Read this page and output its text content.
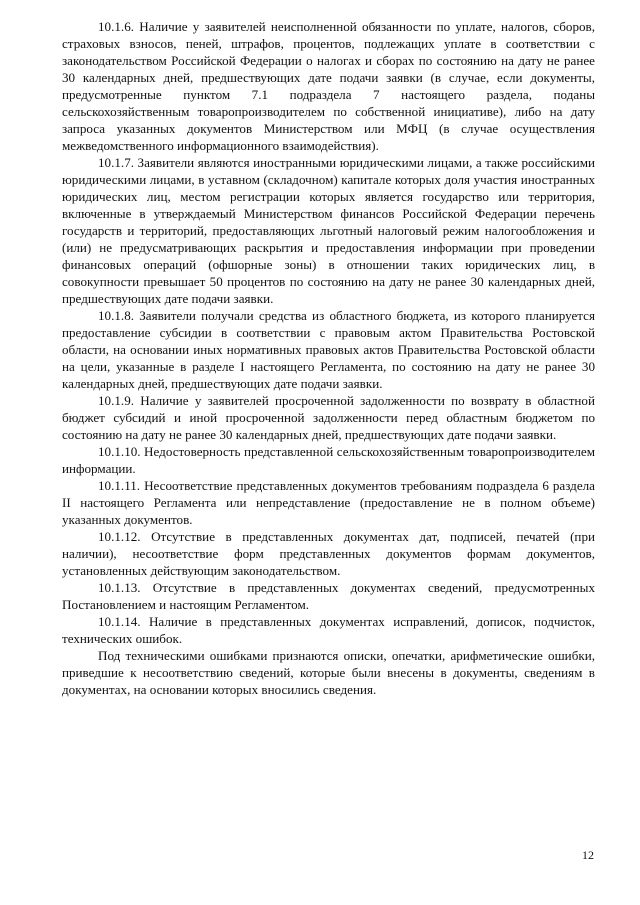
10.1.6. Наличие у заявителей неисполненной обязанности по уплате, налогов, сборов, страховых взносов, пеней, штрафов, процентов, подлежащих уплате в соответствии с законодательством Российской Федерации о налогах и сборах по состоянию на дату не ранее 30 календарных дней, предшествующих дате подачи заявки (в случае, если документы, предусмотренные пунктом 7.1 подраздела 7 настоящего раздела, поданы сельскохозяйственным товаропроизводителем по собственной инициативе), либо на дату запроса указанных документов Министерством или МФЦ (в случае осуществления межведомственного информационного взаимодействия).

10.1.7. Заявители являются иностранными юридическими лицами, а также российскими юридическими лицами, в уставном (складочном) капитале которых доля участия иностранных юридических лиц, местом регистрации которых является государство или территория, включенные в утверждаемый Министерством финансов Российской Федерации перечень государств и территорий, предоставляющих льготный налоговый режим налогообложения и (или) не предусматривающих раскрытия и предоставления информации при проведении финансовых операций (офшорные зоны) в отношении таких юридических лиц, в совокупности превышает 50 процентов по состоянию на дату не ранее 30 календарных дней, предшествующих дате подачи заявки.

10.1.8. Заявители получали средства из областного бюджета, из которого планируется предоставление субсидии в соответствии с правовым актом Правительства Ростовской области, на основании иных нормативных правовых актов Правительства Ростовской области на цели, указанные в разделе I настоящего Регламента, по состоянию на дату не ранее 30 календарных дней, предшествующих дате подачи заявки.

10.1.9. Наличие у заявителей просроченной задолженности по возврату в областной бюджет субсидий и иной просроченной задолженности перед областным бюджетом по состоянию на дату не ранее 30 календарных дней, предшествующих дате подачи заявки.

10.1.10. Недостоверность представленной сельскохозяйственным товаропроизводителем информации.

10.1.11. Несоответствие представленных документов требованиям подраздела 6 раздела II настоящего Регламента или непредставление (предоставление не в полном объеме) указанных документов.

10.1.12. Отсутствие в представленных документах дат, подписей, печатей (при наличии), несоответствие форм представленных документов формам документов, установленных действующим законодательством.

10.1.13. Отсутствие в представленных документах сведений, предусмотренных Постановлением и настоящим Регламентом.

10.1.14. Наличие в представленных документах исправлений, дописок, подчисток, технических ошибок.

Под техническими ошибками признаются описки, опечатки, арифметические ошибки, приведшие к несоответствию сведений, которые были внесены в документы, сведениям в документах, на основании которых вносились сведения.

12
